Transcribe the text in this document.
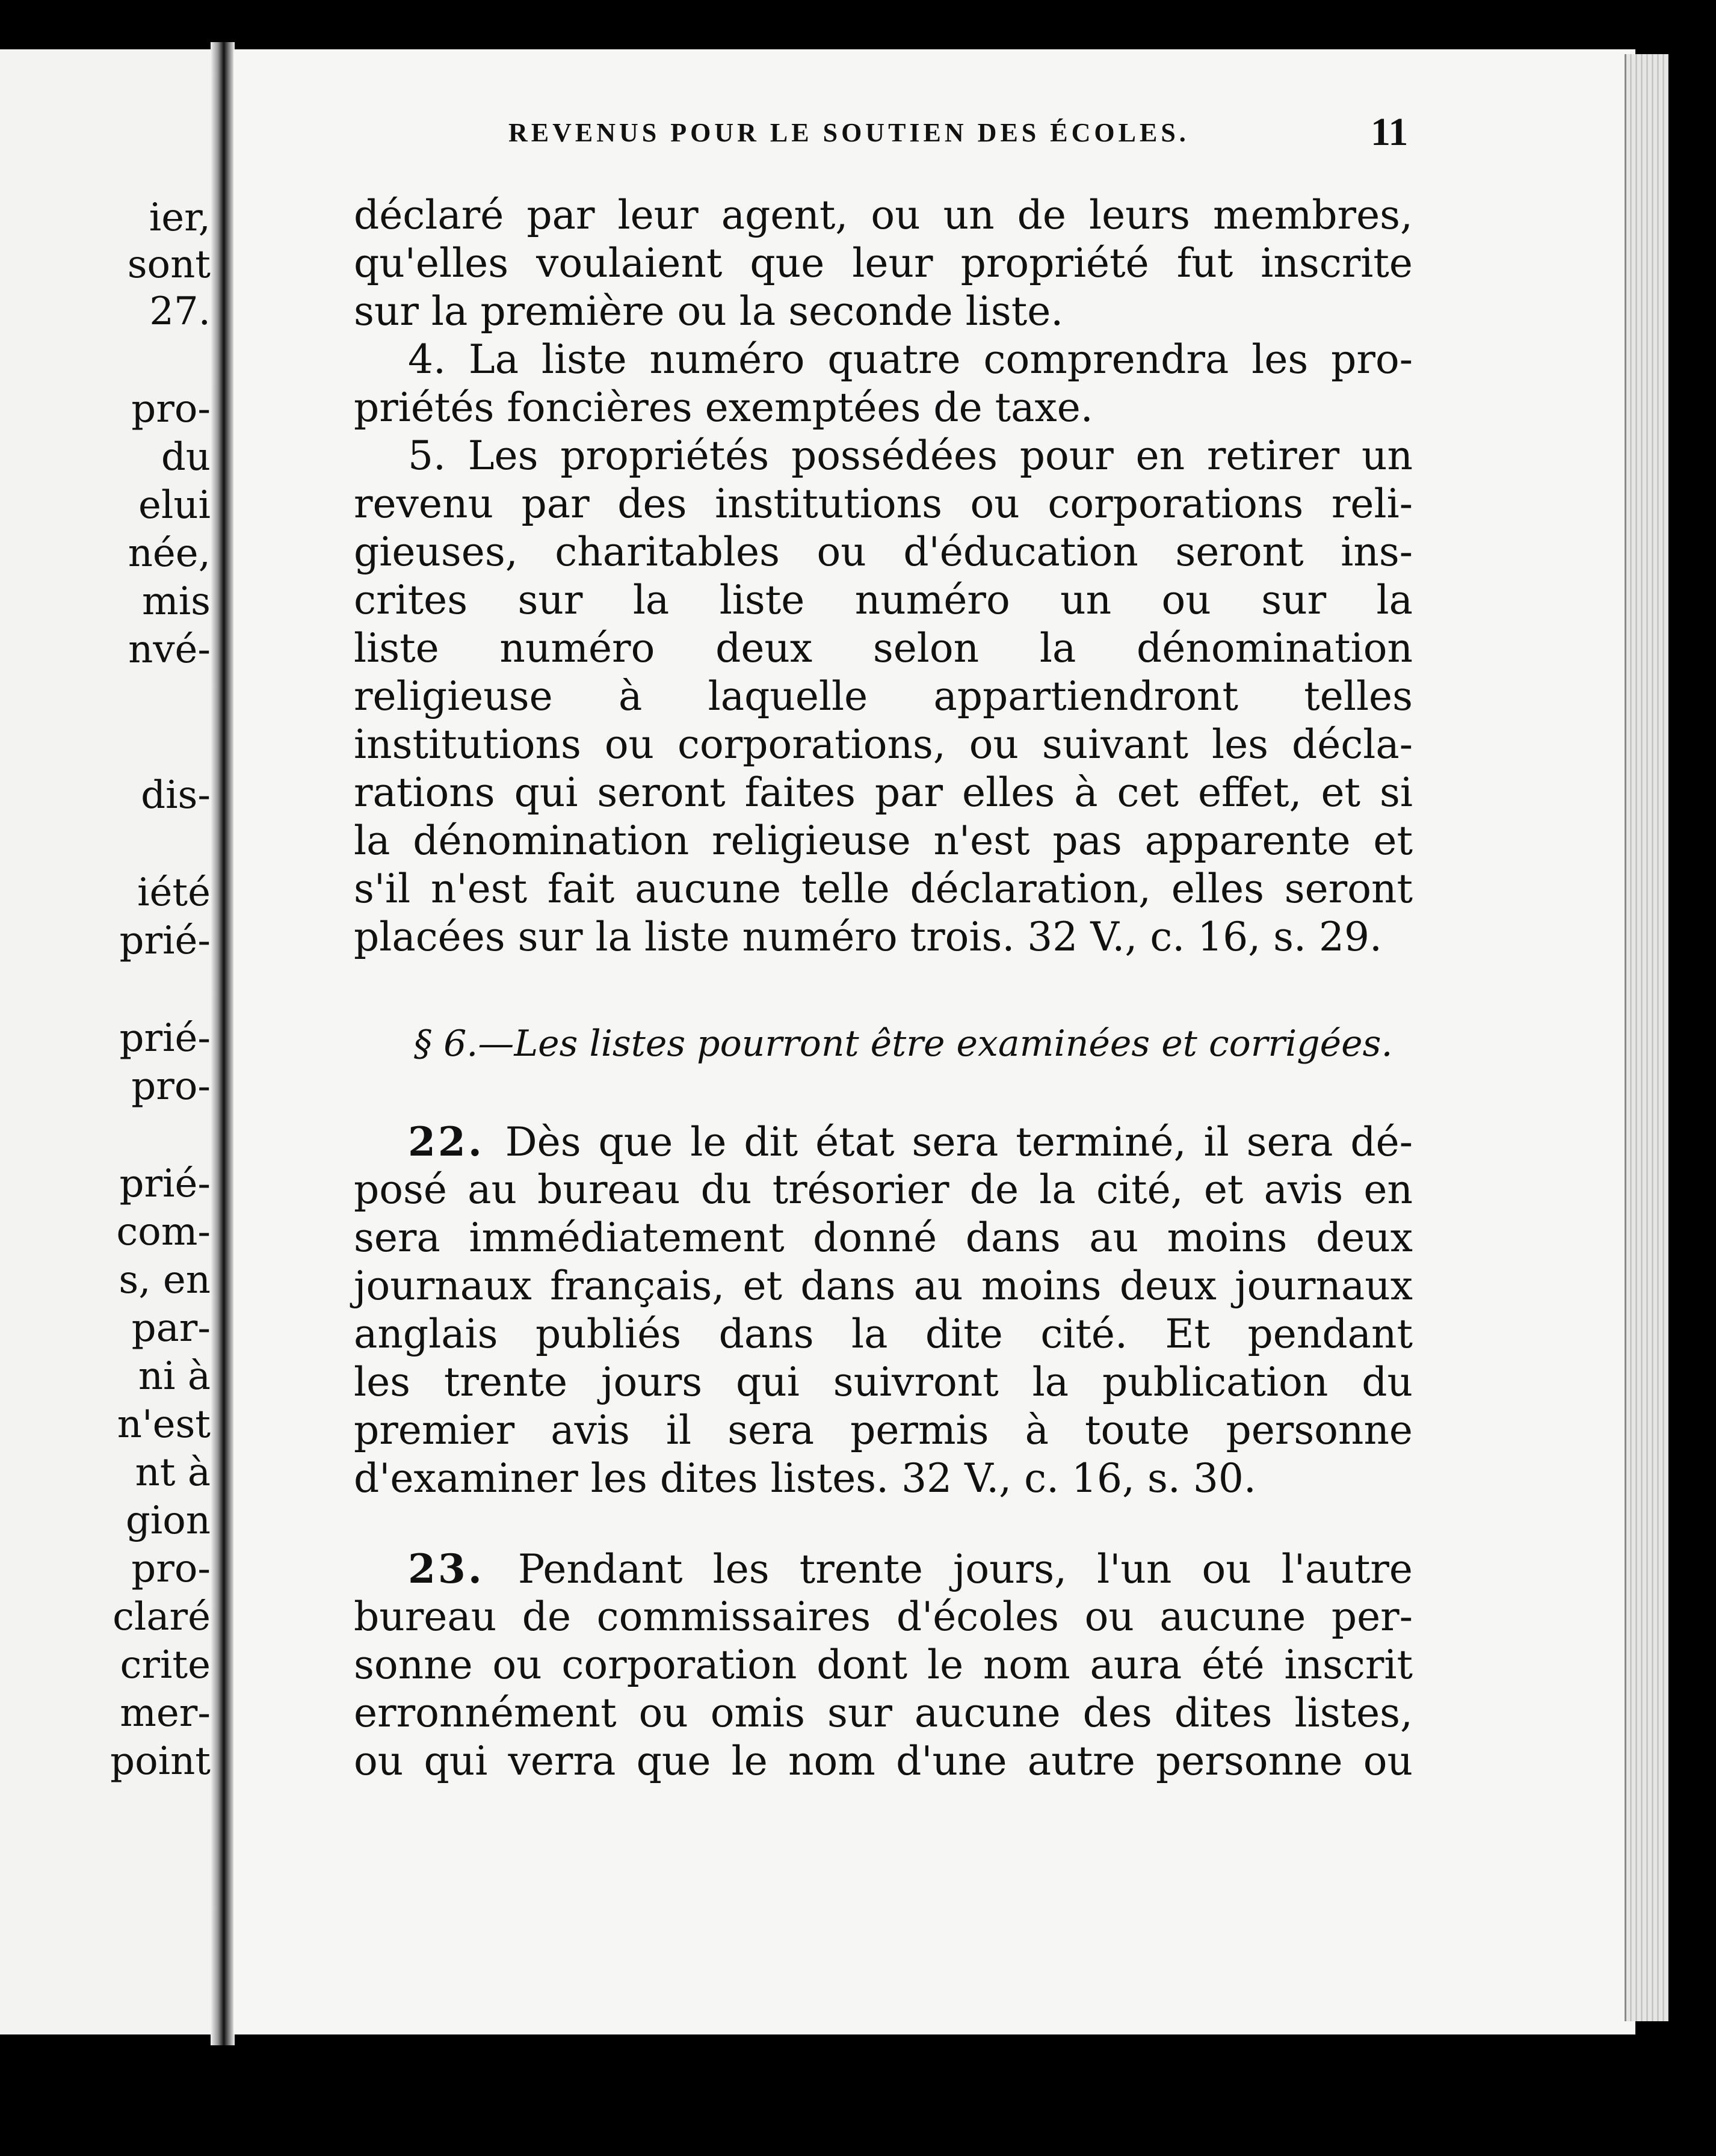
ier,
sont
27.
pro-
du
elui
née,
mis
nvé-
dis-
iété
prié-
prié-
pro-
prié-
com-
s, en
par-
ni à
n'est
nt à
gion
pro-
claré
crite
mer-
point
REVENUS POUR LE SOUTIEN DES ÉCOLES.	11
déclaré par leur agent, ou un de leurs membres,
qu'elles voulaient que leur propriété fut inscrite
sur la première ou la seconde liste.
4. La liste numéro quatre comprendra les pro-
priétés foncières exemptées de taxe.
5. Les propriétés possédées pour en retirer un
revenu par des institutions ou corporations reli-
gieuses, charitables ou d'éducation seront ins-
crites sur la liste numéro un ou sur la
liste numéro deux selon la dénomination
religieuse à laquelle appartiendront telles
institutions ou corporations, ou suivant les décla-
rations qui seront faites par elles à cet effet, et si
la dénomination religieuse n'est pas apparente et
s'il n'est fait aucune telle déclaration, elles seront
placées sur la liste numéro trois. 32 V., c. 16, s. 29.
§ 6.—Les listes pourront être examinées et corrigées.
22. Dès que le dit état sera terminé, il sera dé-
posé au bureau du trésorier de la cité, et avis en
sera immédiatement donné dans au moins deux
journaux français, et dans au moins deux journaux
anglais publiés dans la dite cité. Et pendant
les trente jours qui suivront la publication du
premier avis il sera permis à toute personne
d'examiner les dites listes. 32 V., c. 16, s. 30.
23. Pendant les trente jours, l'un ou l'autre
bureau de commissaires d'écoles ou aucune per-
sonne ou corporation dont le nom aura été inscrit
erronnément ou omis sur aucune des dites listes,
ou qui verra que le nom d'une autre personne ou
